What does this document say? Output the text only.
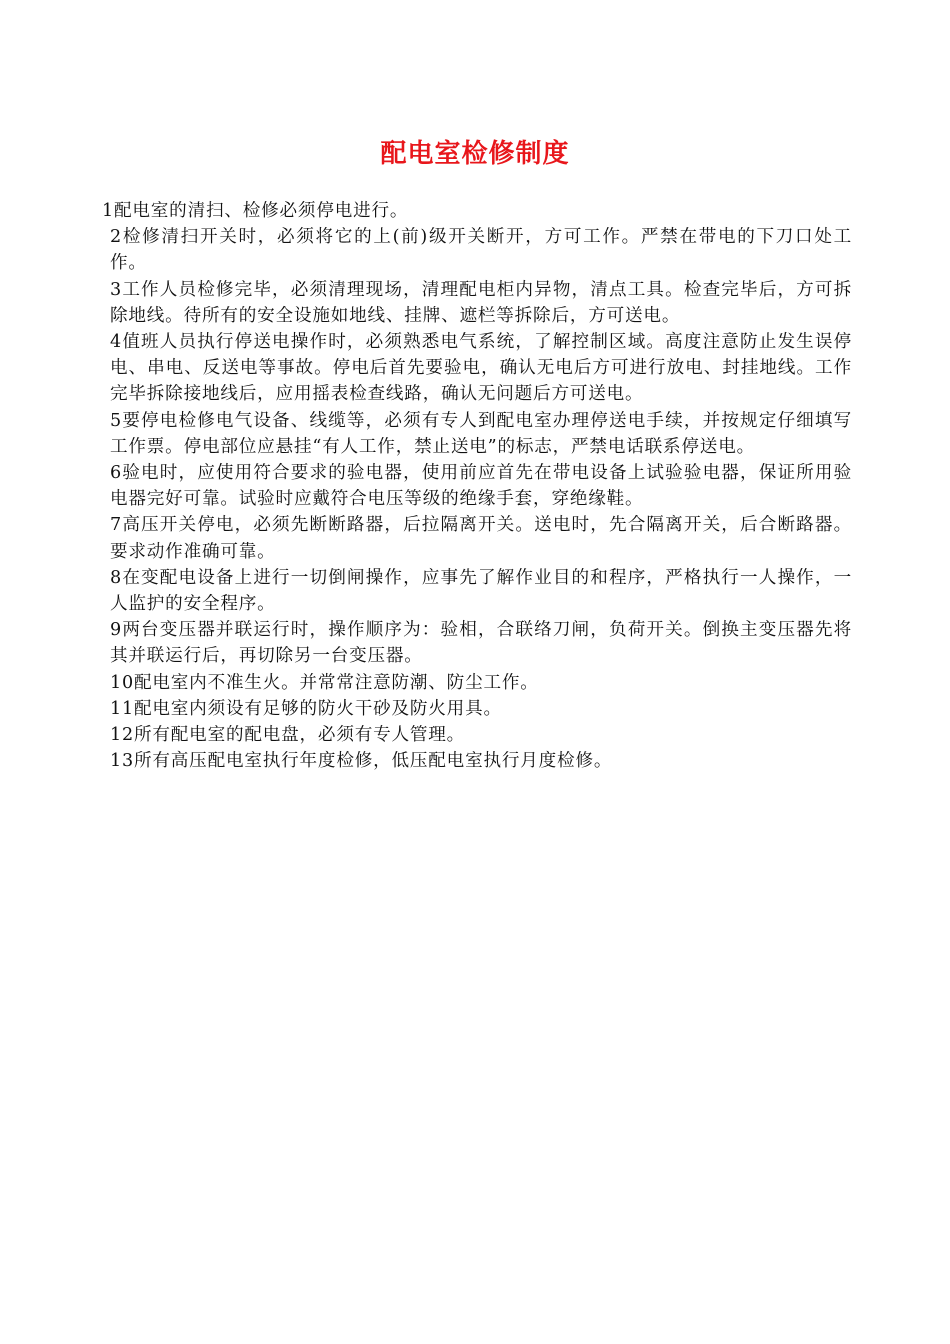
配电室检修制度

1配电室的清扫、检修必须停电进行。

2检修清扫开关时，必须将它的上(前)级开关断开，方可工作。严禁在带电的下刀口处工作。

3工作人员检修完毕，必须清理现场，清理配电柜内异物，清点工具。检查完毕后，方可拆除地线。待所有的安全设施如地线、挂牌、遮栏等拆除后，方可送电。

4值班人员执行停送电操作时，必须熟悉电气系统，了解控制区域。高度注意防止发生误停电、串电、反送电等事故。停电后首先要验电，确认无电后方可进行放电、封挂地线。工作完毕拆除接地线后，应用摇表检查线路，确认无问题后方可送电。

5要停电检修电气设备、线缆等，必须有专人到配电室办理停送电手续，并按规定仔细填写工作票。停电部位应悬挂“有人工作，禁止送电”的标志，严禁电话联系停送电。

6验电时，应使用符合要求的验电器，使用前应首先在带电设备上试验验电器，保证所用验电器完好可靠。试验时应戴符合电压等级的绝缘手套，穿绝缘鞋。

7高压开关停电，必须先断断路器，后拉隔离开关。送电时，先合隔离开关，后合断路器。要求动作准确可靠。

8在变配电设备上进行一切倒闸操作，应事先了解作业目的和程序，严格执行一人操作，一人监护的安全程序。

9两台变压器并联运行时，操作顺序为：验相，合联络刀闸，负荷开关。倒换主变压器先将其并联运行后，再切除另一台变压器。

10配电室内不准生火。并常常注意防潮、防尘工作。

11配电室内须设有足够的防火干砂及防火用具。

12所有配电室的配电盘，必须有专人管理。

13所有高压配电室执行年度检修，低压配电室执行月度检修。
